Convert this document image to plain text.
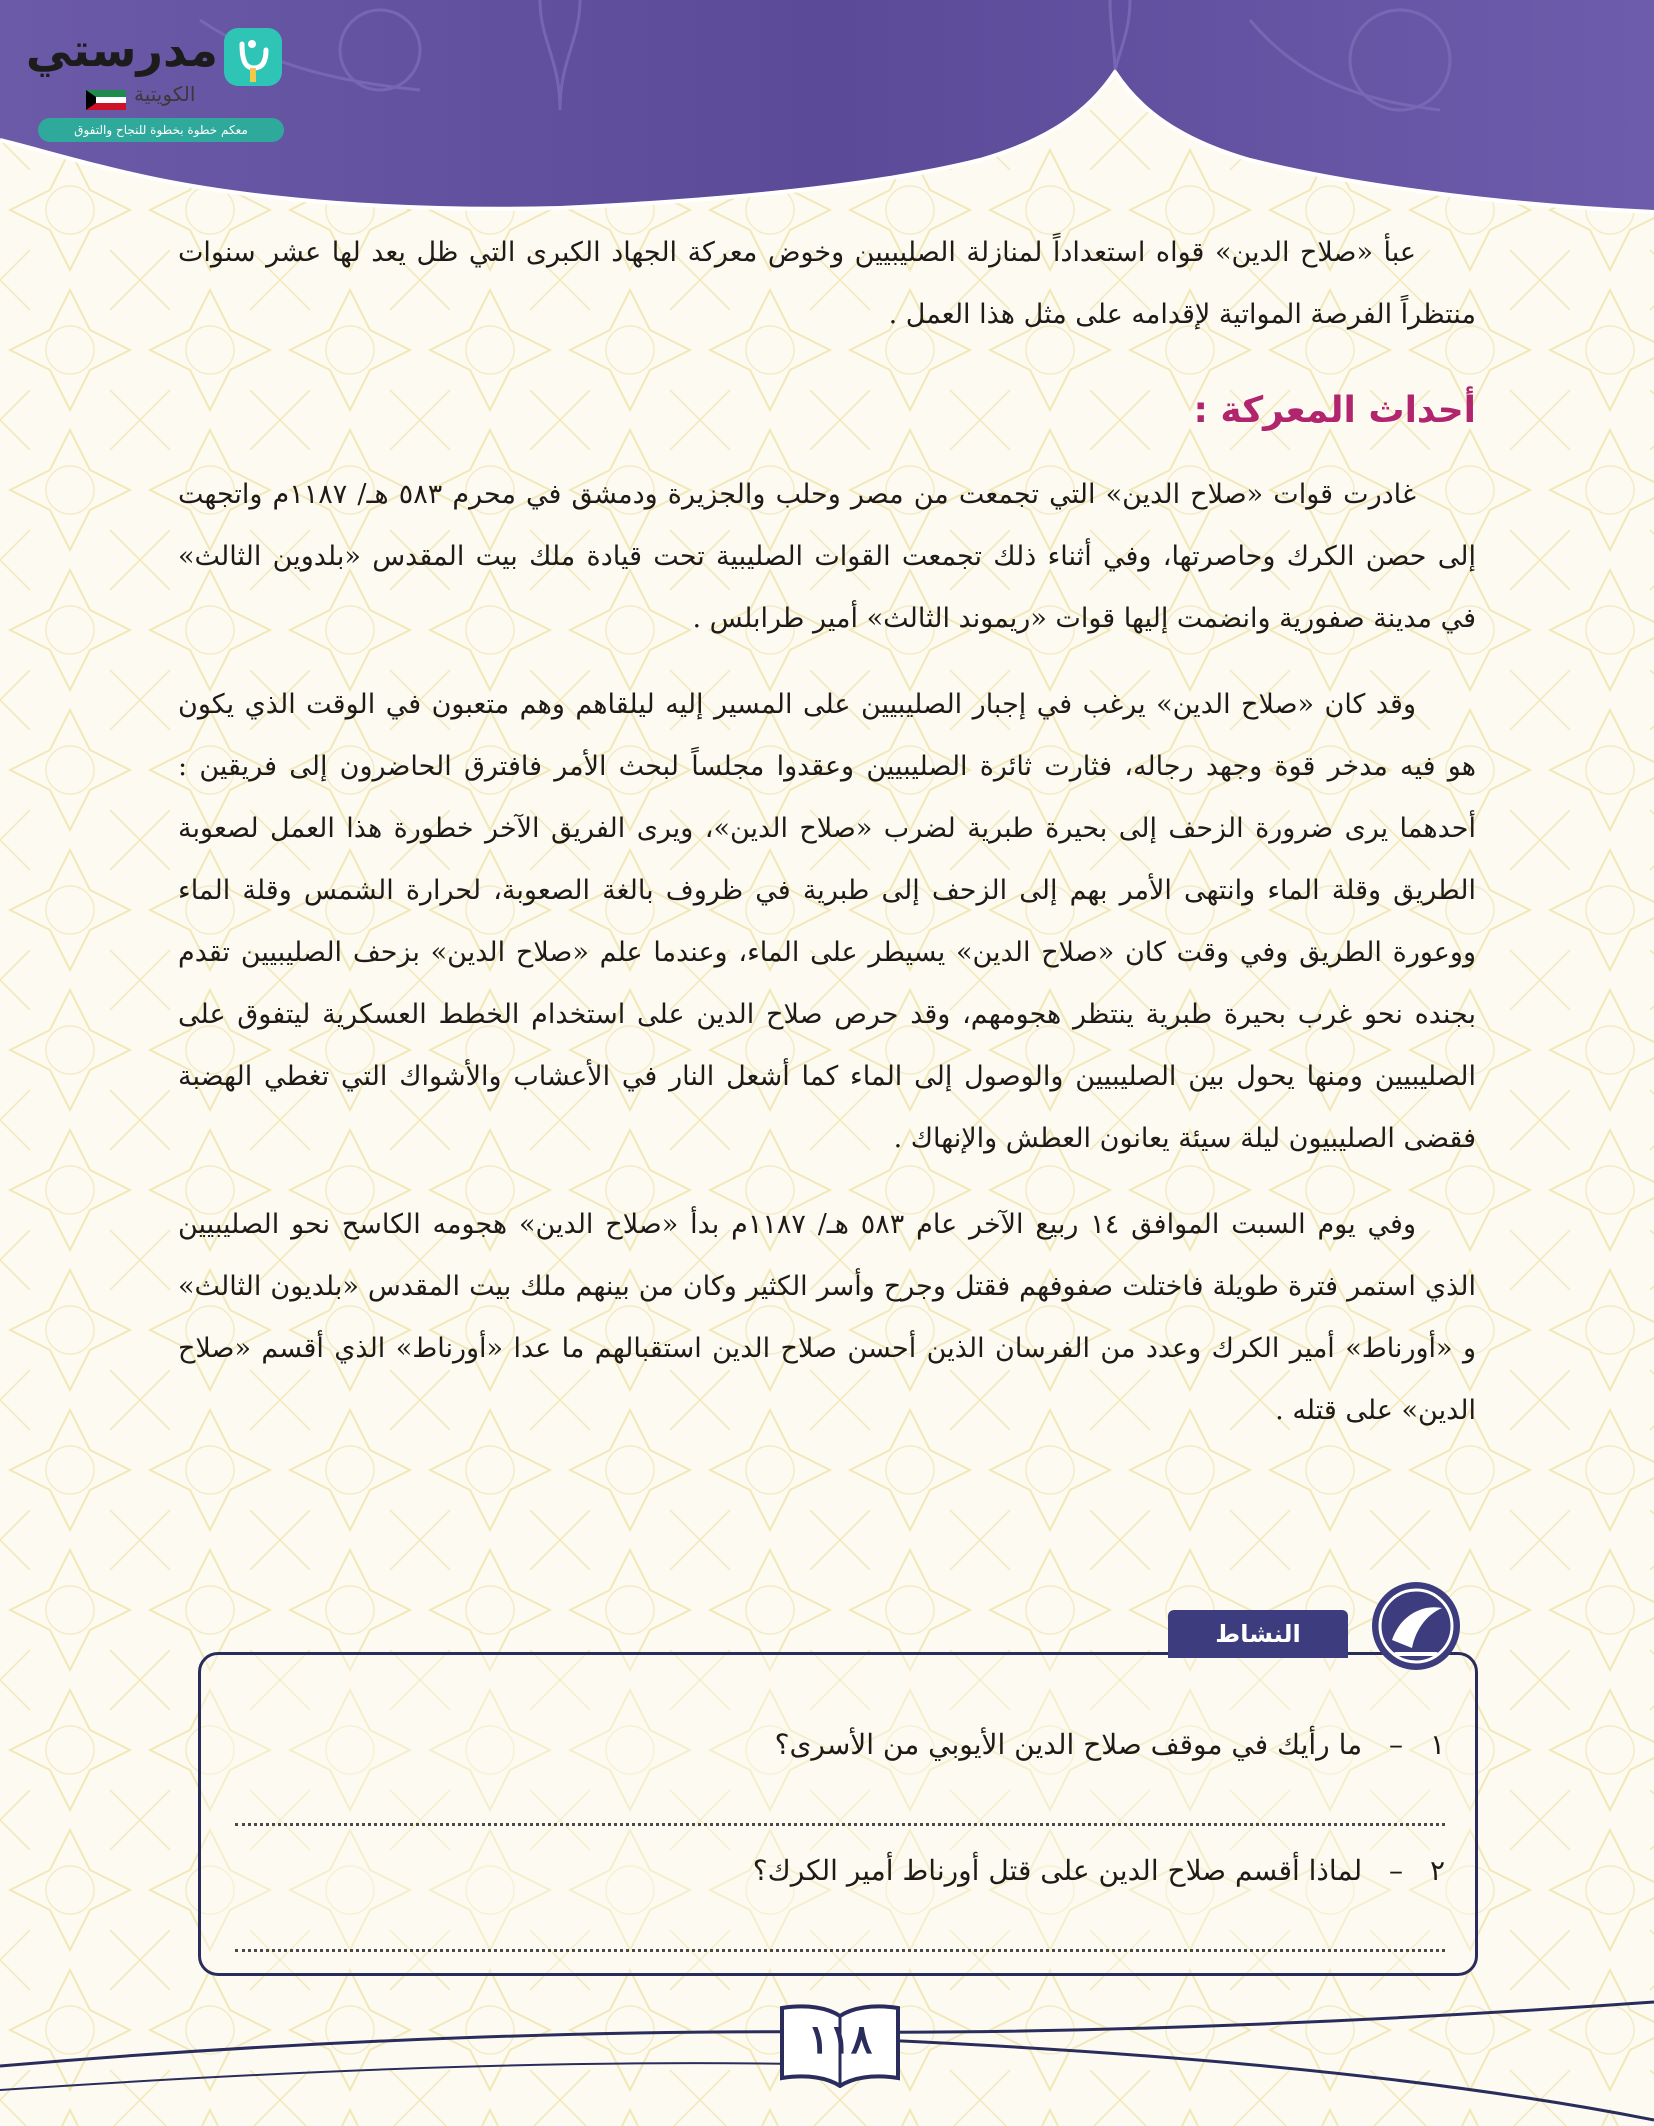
مدرستي
الكويتية
معكم خطوة بخطوة للنجاح والتفوق

عبأ «صلاح الدين» قواه استعداداً لمنازلة الصليبيين وخوض معركة الجهاد الكبرى التي ظل يعد لها عشر سنوات منتظراً الفرصة المواتية لإقدامه على مثل هذا العمل .

أحداث المعركة :

غادرت قوات «صلاح الدين» التي تجمعت من مصر وحلب والجزيرة ودمشق في محرم ٥٨٣ هـ/ ١١٨٧م واتجهت إلى حصن الكرك وحاصرتها، وفي أثناء ذلك تجمعت القوات الصليبية تحت قيادة ملك بيت المقدس «بلدوين الثالث» في مدينة صفورية وانضمت إليها قوات «ريموند الثالث» أمير طرابلس .

وقد كان «صلاح الدين» يرغب في إجبار الصليبيين على المسير إليه ليلقاهم وهم متعبون في الوقت الذي يكون هو فيه مدخر قوة وجهد رجاله، فثارت ثائرة الصليبيين وعقدوا مجلساً لبحث الأمر فافترق الحاضرون إلى فريقين : أحدهما يرى ضرورة الزحف إلى بحيرة طبرية لضرب «صلاح الدين»، ويرى الفريق الآخر خطورة هذا العمل لصعوبة الطريق وقلة الماء وانتهى الأمر بهم إلى الزحف إلى طبرية في ظروف بالغة الصعوبة، لحرارة الشمس وقلة الماء ووعورة الطريق وفي وقت كان «صلاح الدين» يسيطر على الماء، وعندما علم «صلاح الدين» بزحف الصليبيين تقدم بجنده نحو غرب بحيرة طبرية ينتظر هجومهم، وقد حرص صلاح الدين على استخدام الخطط العسكرية ليتفوق على الصليبيين ومنها يحول بين الصليبيين والوصول إلى الماء كما أشعل النار في الأعشاب والأشواك التي تغطي الهضبة فقضى الصليبيون ليلة سيئة يعانون العطش والإنهاك .

وفي يوم السبت الموافق ١٤ ربيع الآخر عام ٥٨٣ هـ/ ١١٨٧م بدأ «صلاح الدين» هجومه الكاسح نحو الصليبيين الذي استمر فترة طويلة فاختلت صفوفهم فقتل وجرح وأسر الكثير وكان من بينهم ملك بيت المقدس «بلديون الثالث» و «أورناط» أمير الكرك وعدد من الفرسان الذين أحسن صلاح الدين استقبالهم ما عدا «أورناط» الذي أقسم «صلاح الدين» على قتله .

١ – ما رأيك في موقف صلاح الدين الأيوبي من الأسرى؟
٢ – لماذا أقسم صلاح الدين على قتل أورناط أمير الكرك؟
النشاط
١١٨
